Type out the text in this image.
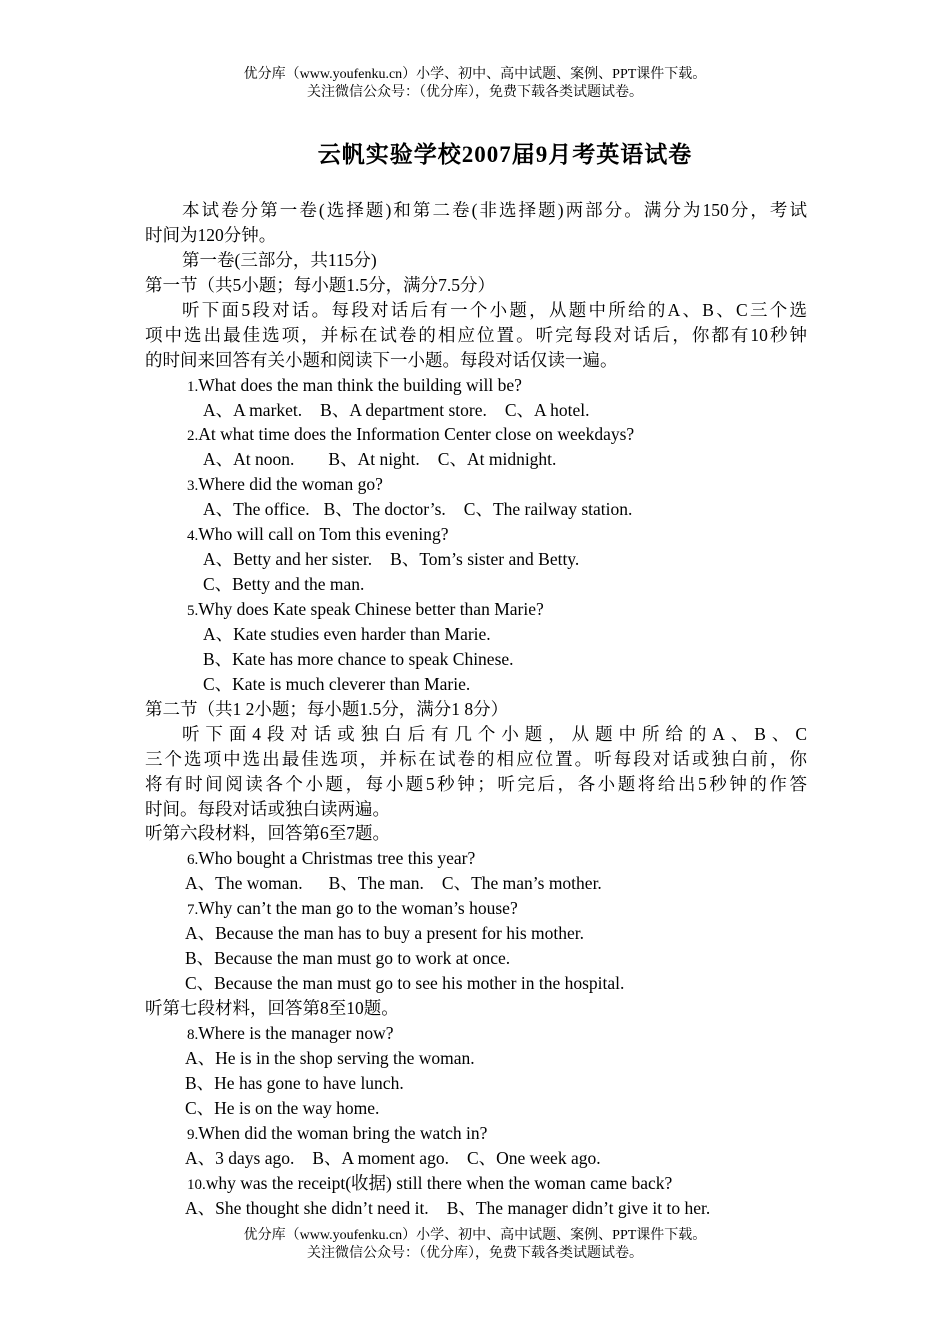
优分库（www.youfenku.cn）小学、初中、高中试题、案例、PPT课件下载。
关注微信公众号：（优分库），免费下载各类试题试卷。
云帆实验学校2007届9月考英语试卷
本试卷分第一卷(选择题)和第二卷(非选择题)两部分。满分为150分，考试
时间为120分钟。
第一卷(三部分，共115分)
第一节（共5小题；每小题1.5分，满分7.5分）
听下面5段对话。每段对话后有一个小题，从题中所给的A、B、C三个选
项中选出最佳选项，并标在试卷的相应位置。听完每段对话后，你都有10秒钟
的时间来回答有关小题和阅读下一小题。每段对话仅读一遍。
1.What does the man think the building will be?
A、A market. B、A department store. C、A hotel.
2.At what time does the Information Center close on weekdays?
A、At noon. B、At night. C、At midnight.
3.Where did the woman go?
A、The office. B、The doctor’s. C、The railway station.
4.Who will call on Tom this evening?
A、Betty and her sister. B、Tom’s sister and Betty.
C、Betty and the man.
5.Why does Kate speak Chinese better than Marie?
A、Kate studies even harder than Marie.
B、Kate has more chance to speak Chinese.
C、Kate is much cleverer than Marie.
第二节（共1 2小题；每小题1.5分，满分1 8分）
听下面4段对话或独白后有几个小题，从题中所给的A、B、C
三个选项中选出最佳选项，并标在试卷的相应位置。听每段对话或独白前，你
将有时间阅读各个小题，每小题5秒钟；听完后，各小题将给出5秒钟的作答
时间。每段对话或独白读两遍。
听第六段材料，回答第6至7题。
6.Who bought a Christmas tree this year?
A、The woman. B、The man. C、The man’s mother.
7.Why can’t the man go to the woman’s house?
A、Because the man has to buy a present for his mother.
B、Because the man must go to work at once.
C、Because the man must go to see his mother in the hospital.
听第七段材料，回答第8至10题。
8.Where is the manager now?
A、He is in the shop serving the woman.
B、He has gone to have lunch.
C、He is on the way home.
9.When did the woman bring the watch in?
A、3 days ago. B、A moment ago. C、One week ago.
10.why was the receipt(收据) still there when the woman came back?
A、She thought she didn’t need it. B、The manager didn’t give it to her.
优分库（www.youfenku.cn）小学、初中、高中试题、案例、PPT课件下载。
关注微信公众号：（优分库），免费下载各类试题试卷。
